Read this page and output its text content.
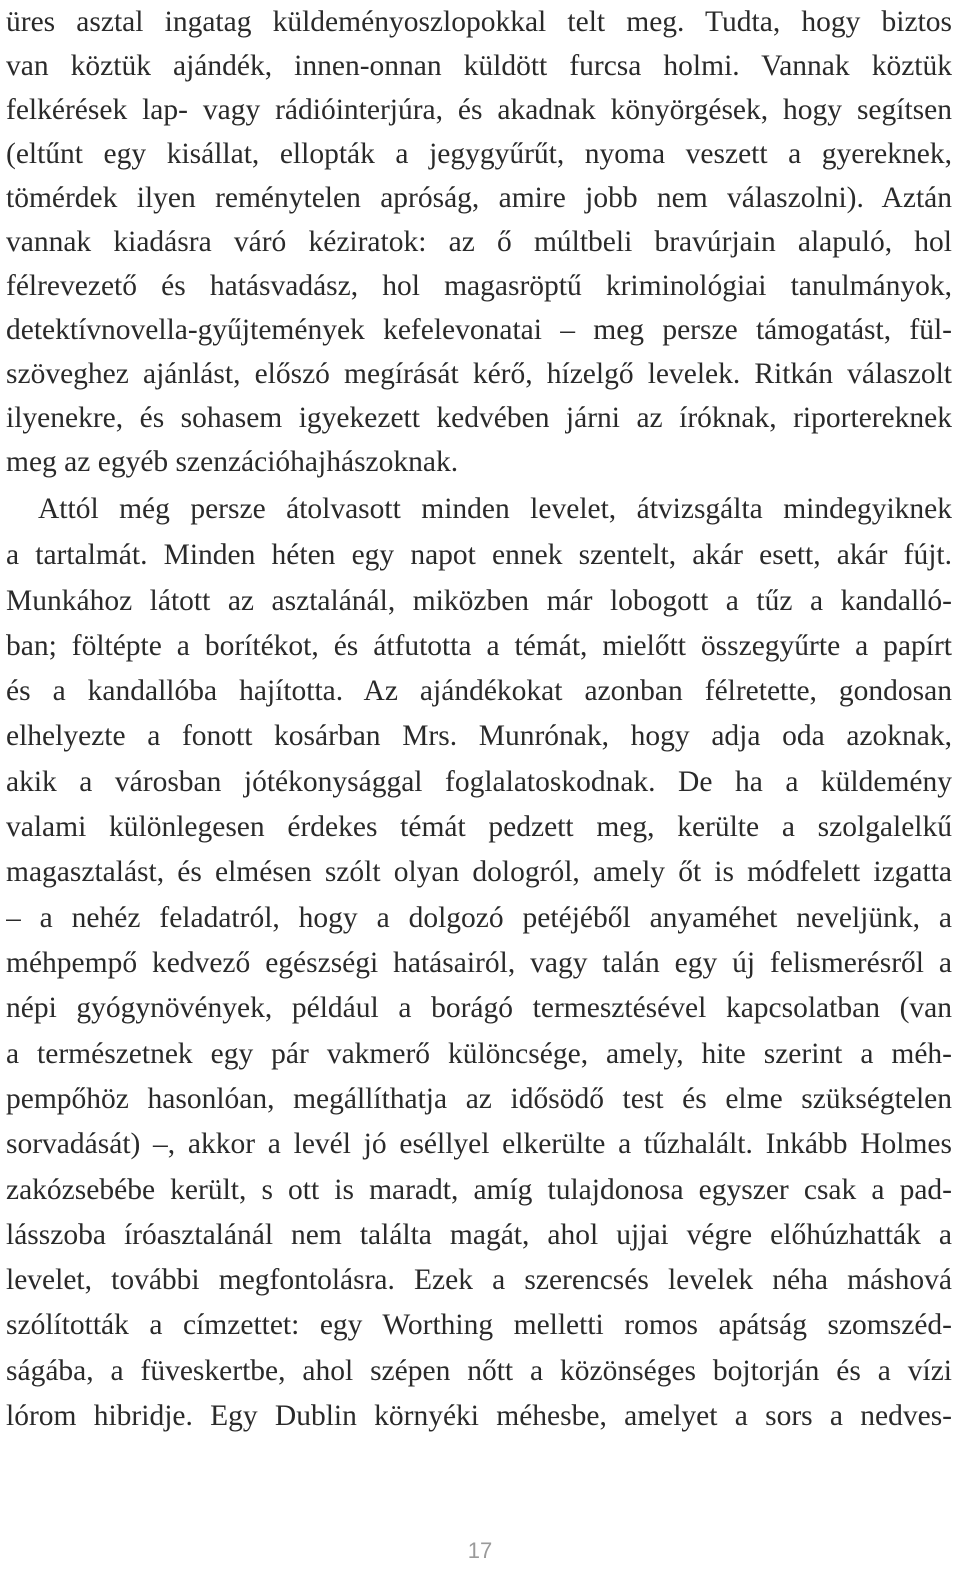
üres asztal ingatag küldeményoszlopokkal telt meg. Tudta, hogy biztos
van köztük ajándék, innen-onnan küldött furcsa holmi. Vannak köztük
felkérések lap- vagy rádióinterjúra, és akadnak könyörgések, hogy segítsen
(eltűnt egy kisállat, ellopták a jegygyűrűt, nyoma veszett a gyereknek,
tömérdek ilyen reménytelen apróság, amire jobb nem válaszolni). Aztán
vannak kiadásra váró kéziratok: az ő múltbeli bravúrjain alapuló, hol
félrevezető és hatásvadász, hol magasröptű kriminológiai tanulmányok,
detektívnovella-gyűjtemények kefelevonatai – meg persze támogatást, fül-
szöveghez ajánlást, előszó megírását kérő, hízelgő levelek. Ritkán válaszolt
ilyenekre, és sohasem igyekezett kedvében járni az íróknak, riportereknek
meg az egyéb szenzációhajhászoknak.
Attól még persze átolvasott minden levelet, átvizsgálta mindegyiknek
a tartalmát. Minden héten egy napot ennek szentelt, akár esett, akár fújt.
Munkához látott az asztalánál, miközben már lobogott a tűz a kandalló-
ban; föltépte a borítékot, és átfutotta a témát, mielőtt összegyűrte a papírt
és a kandallóba hajította. Az ajándékokat azonban félretette, gondosan
elhelyezte a fonott kosárban Mrs. Munrónak, hogy adja oda azoknak,
akik a városban jótékonysággal foglalatoskodnak. De ha a küldemény
valami különlegesen érdekes témát pedzett meg, kerülte a szolgalelkű
magasztalást, és elmésen szólt olyan dologról, amely őt is módfelett izgatta
– a nehéz feladatról, hogy a dolgozó petéjéből anyaméhet neveljünk, a
méhpempő kedvező egészségi hatásairól, vagy talán egy új felismerésről a
népi gyógynövények, például a borágó termesztésével kapcsolatban (van
a természetnek egy pár vakmerő különcsége, amely, hite szerint a méh-
pempőhöz hasonlóan, megállíthatja az idősödő test és elme szükségtelen
sorvadását) –, akkor a levél jó eséllyel elkerülte a tűzhalált. Inkább Holmes
zakózsebébe került, s ott is maradt, amíg tulajdonosa egyszer csak a pad-
lásszoba íróasztalánál nem találta magát, ahol ujjai végre előhúzhatták a
levelet, további megfontolásra. Ezek a szerencsés levelek néha máshová
szólították a címzettet: egy Worthing melletti romos apátság szomszéd-
ságába, a füveskertbe, ahol szépen nőtt a közönséges bojtorján és a vízi
lórom hibridje. Egy Dublin környéki méhesbe, amelyet a sors a nedves-
17
